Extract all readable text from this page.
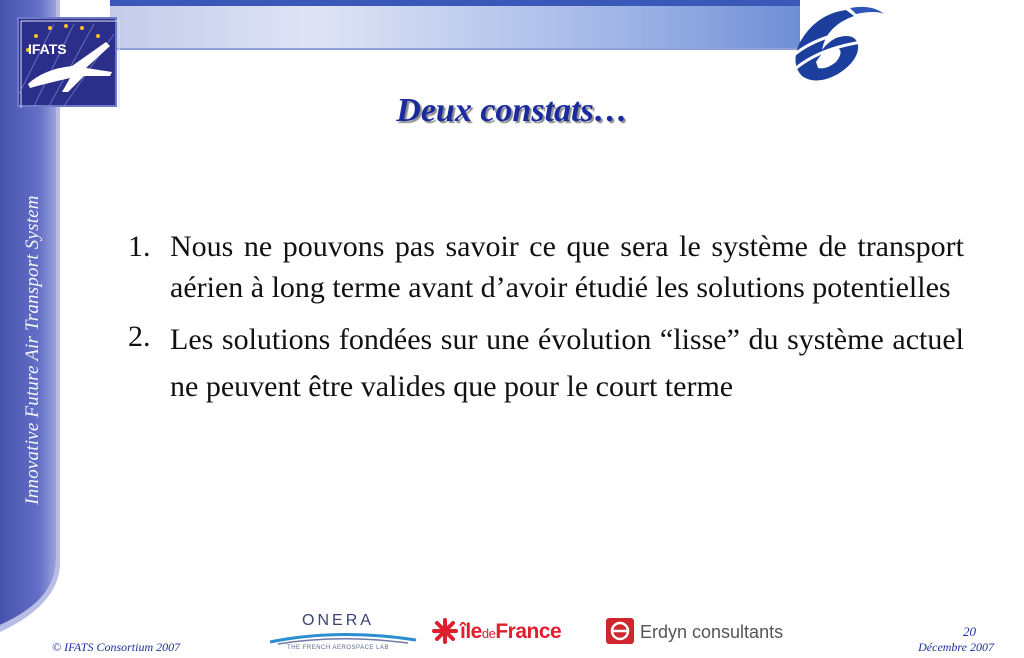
Innovative Future Air Transport System
IFATS
Deux constats…
1. Nous ne pouvons pas savoir ce que sera le système de transport aérien à long terme avant d’avoir étudié les solutions potentielles
2. Les solutions fondées sur une évolution “lisse” du système actuel ne peuvent être valides que pour le court terme
ONERA
THE FRENCH AEROSPACE LAB
îledeFrance	Erdyn consultants
© IFATS Consortium 2007
20
Décembre 2007
